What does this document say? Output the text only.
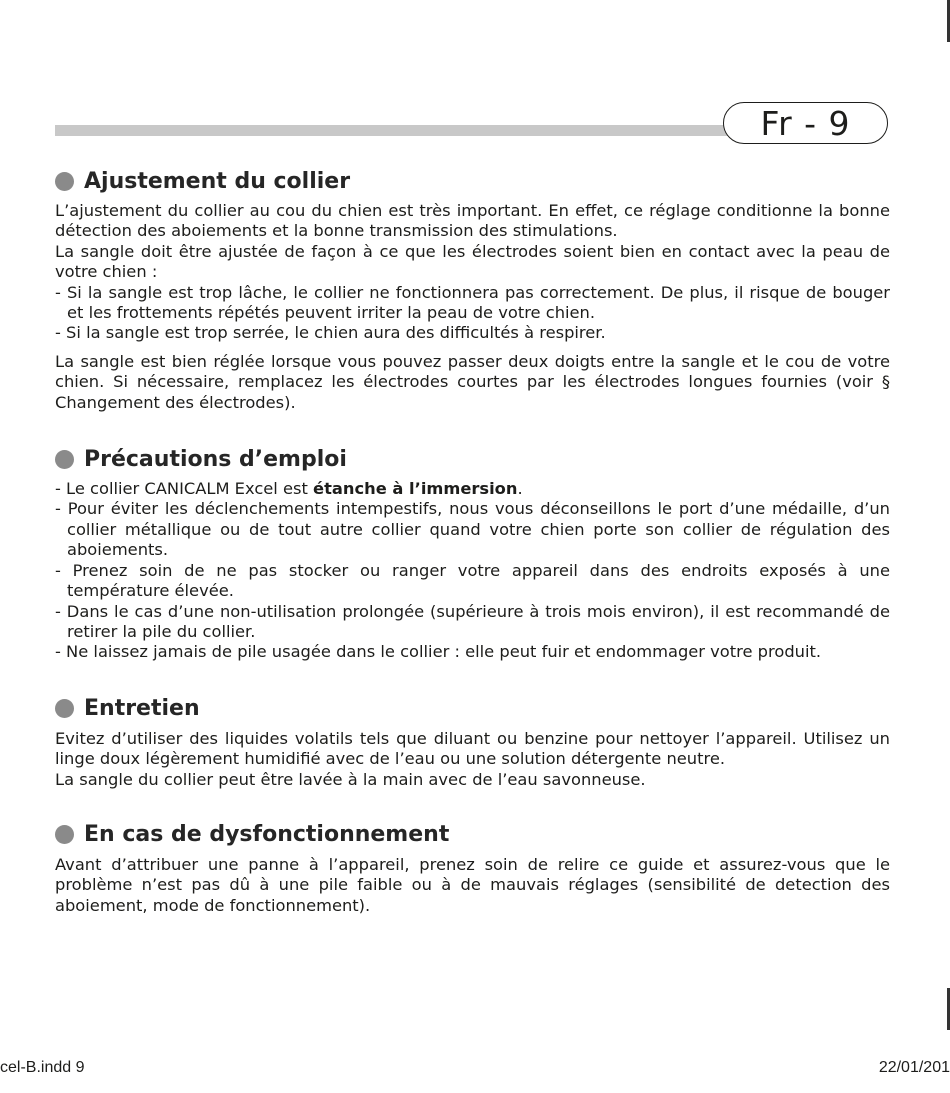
Fr - 9
Ajustement du collier

L’ajustement du collier au cou du chien est très important. En effet, ce réglage conditionne la bonne détection des aboiements et la bonne transmission des stimulations.

La sangle doit être ajustée de façon à ce que les électrodes soient bien en contact avec la peau de votre chien :

- Si la sangle est trop lâche, le collier ne fonctionnera pas correctement. De plus, il risque de bouger et les frottements répétés peuvent irriter la peau de votre chien.

- Si la sangle est trop serrée, le chien aura des difficultés à respirer.

La sangle est bien réglée lorsque vous pouvez passer deux doigts entre la sangle et le cou de votre chien. Si nécessaire, remplacez les électrodes courtes par les électrodes longues fournies (voir § Changement des électrodes).

Précautions d’emploi

- Le collier CANICALM Excel est étanche à l’immersion.

- Pour éviter les déclenchements intempestifs, nous vous déconseillons le port d’une médaille, d’un collier métallique ou de tout autre collier quand votre chien porte son collier de régulation des aboiements.

- Prenez soin de ne pas stocker ou ranger votre appareil dans des endroits exposés à une température élevée.

- Dans le cas d’une non-utilisation prolongée (supérieure à trois mois environ), il est recommandé de retirer la pile du collier.

- Ne laissez jamais de pile usagée dans le collier : elle peut fuir et endommager votre produit.

Entretien

Evitez d’utiliser des liquides volatils tels que diluant ou benzine pour nettoyer l’appareil. Utilisez un linge doux légèrement humidifié avec de l’eau ou une solution détergente neutre.

La sangle du collier peut être lavée à la main avec de l’eau savonneuse.

En cas de dysfonctionnement

Avant d’attribuer une panne à l’appareil, prenez soin de relire ce guide et assurez-vous que le problème n’est pas dû à une pile faible ou à de mauvais réglages (sensibilité de detection des aboiement, mode de fonctionnement).

cel-B.indd 9	22/01/201
